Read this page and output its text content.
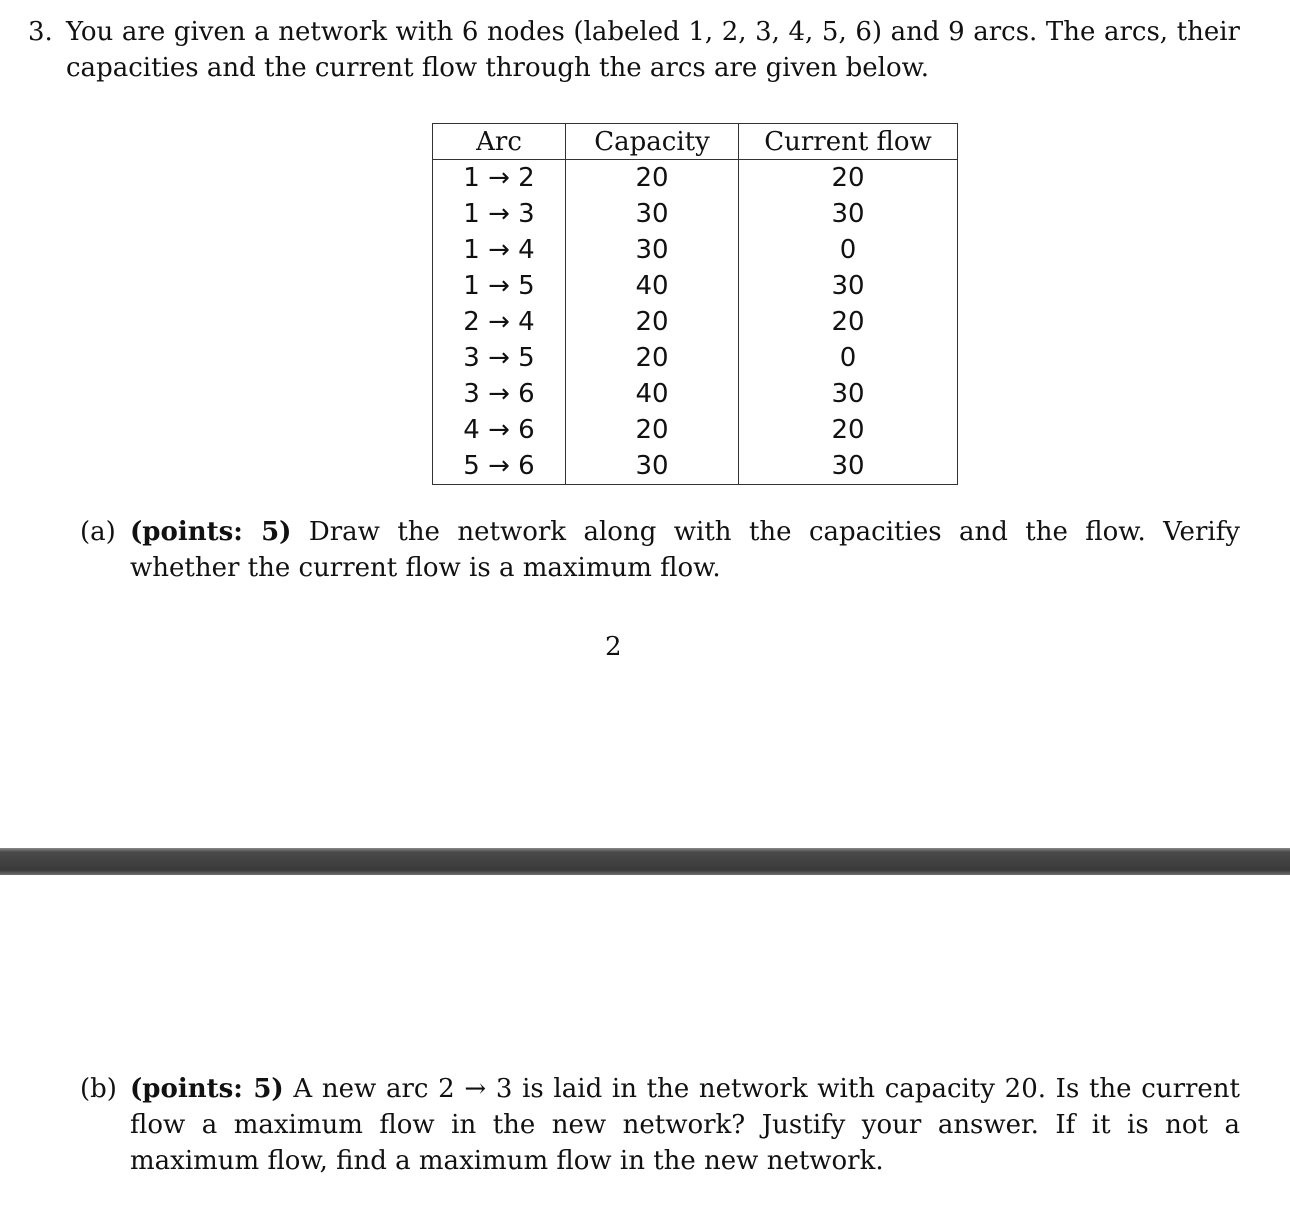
3. You are given a network with 6 nodes (labeled 1, 2, 3, 4, 5, 6) and 9 arcs. The arcs, their capacities and the current flow through the arcs are given below.

Arc	Capacity	Current flow
1 → 2	20	20
1 → 3	30	30
1 → 4	30	0
1 → 5	40	30
2 → 4	20	20
3 → 5	20	0
3 → 6	40	30
4 → 6	20	20
5 → 6	30	30
(a) (points: 5) Draw the network along with the capacities and the flow. Verify whether the current flow is a maximum flow.

2
(b) (points: 5) A new arc 2 → 3 is laid in the network with capacity 20. Is the current flow a maximum flow in the new network? Justify your answer. If it is not a maximum flow, find a maximum flow in the new network.
